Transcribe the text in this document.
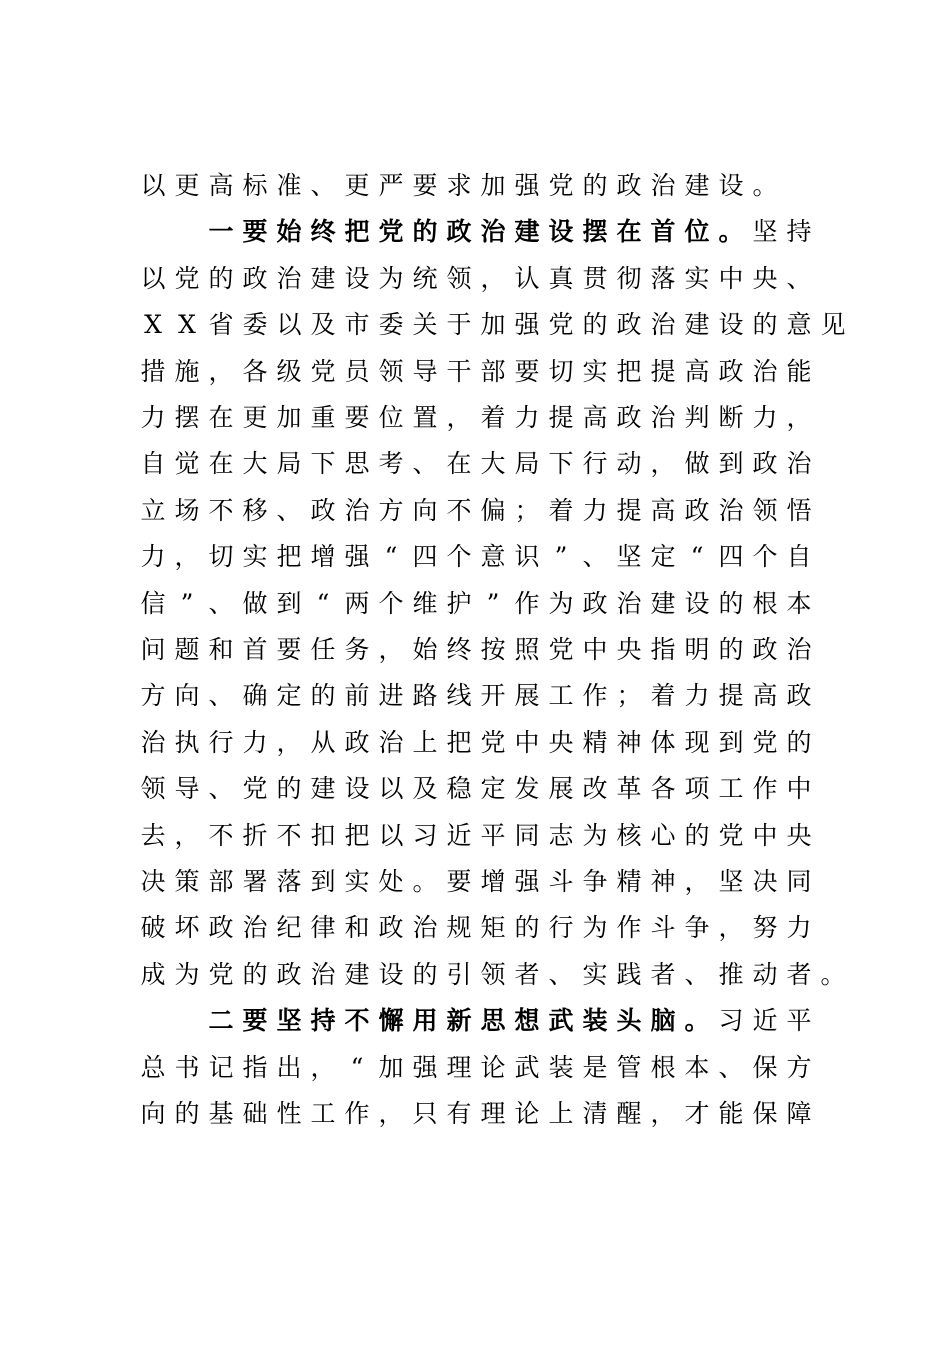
以 更 高 标 准 、 更 严 要 求 加 强 党 的 政 治 建 设 。
一 要 始 终 把 党 的 政 治 建 设 摆 在 首 位 。 坚 持
以 党 的 政 治 建 设 为 统 领 ， 认 真 贯 彻 落 实 中 央 、
X X 省 委 以 及 市 委 关 于 加 强 党 的 政 治 建 设 的 意 见
措 施 ， 各 级 党 员 领 导 干 部 要 切 实 把 提 高 政 治 能
力 摆 在 更 加 重 要 位 置 ， 着 力 提 高 政 治 判 断 力 ，
自 觉 在 大 局 下 思 考 、 在 大 局 下 行 动 ， 做 到 政 治
立 场 不 移 、 政 治 方 向 不 偏 ； 着 力 提 高 政 治 领 悟
力 ， 切 实 把 增 强 “ 四 个 意 识 ” 、 坚 定 “ 四 个 自
信 ” 、 做 到 “ 两 个 维 护 ” 作 为 政 治 建 设 的 根 本
问 题 和 首 要 任 务 ， 始 终 按 照 党 中 央 指 明 的 政 治
方 向 、 确 定 的 前 进 路 线 开 展 工 作 ； 着 力 提 高 政
治 执 行 力 ， 从 政 治 上 把 党 中 央 精 神 体 现 到 党 的
领 导 、 党 的 建 设 以 及 稳 定 发 展 改 革 各 项 工 作 中
去 ， 不 折 不 扣 把 以 习 近 平 同 志 为 核 心 的 党 中 央
决 策 部 署 落 到 实 处 。 要 增 强 斗 争 精 神 ， 坚 决 同
破 坏 政 治 纪 律 和 政 治 规 矩 的 行 为 作 斗 争 ， 努 力
成 为 党 的 政 治 建 设 的 引 领 者 、 实 践 者 、 推 动 者 。
二 要 坚 持 不 懈 用 新 思 想 武 装 头 脑 。 习 近 平
总 书 记 指 出 ， “ 加 强 理 论 武 装 是 管 根 本 、 保 方
向 的 基 础 性 工 作 ， 只 有 理 论 上 清 醒 ， 才 能 保 障
